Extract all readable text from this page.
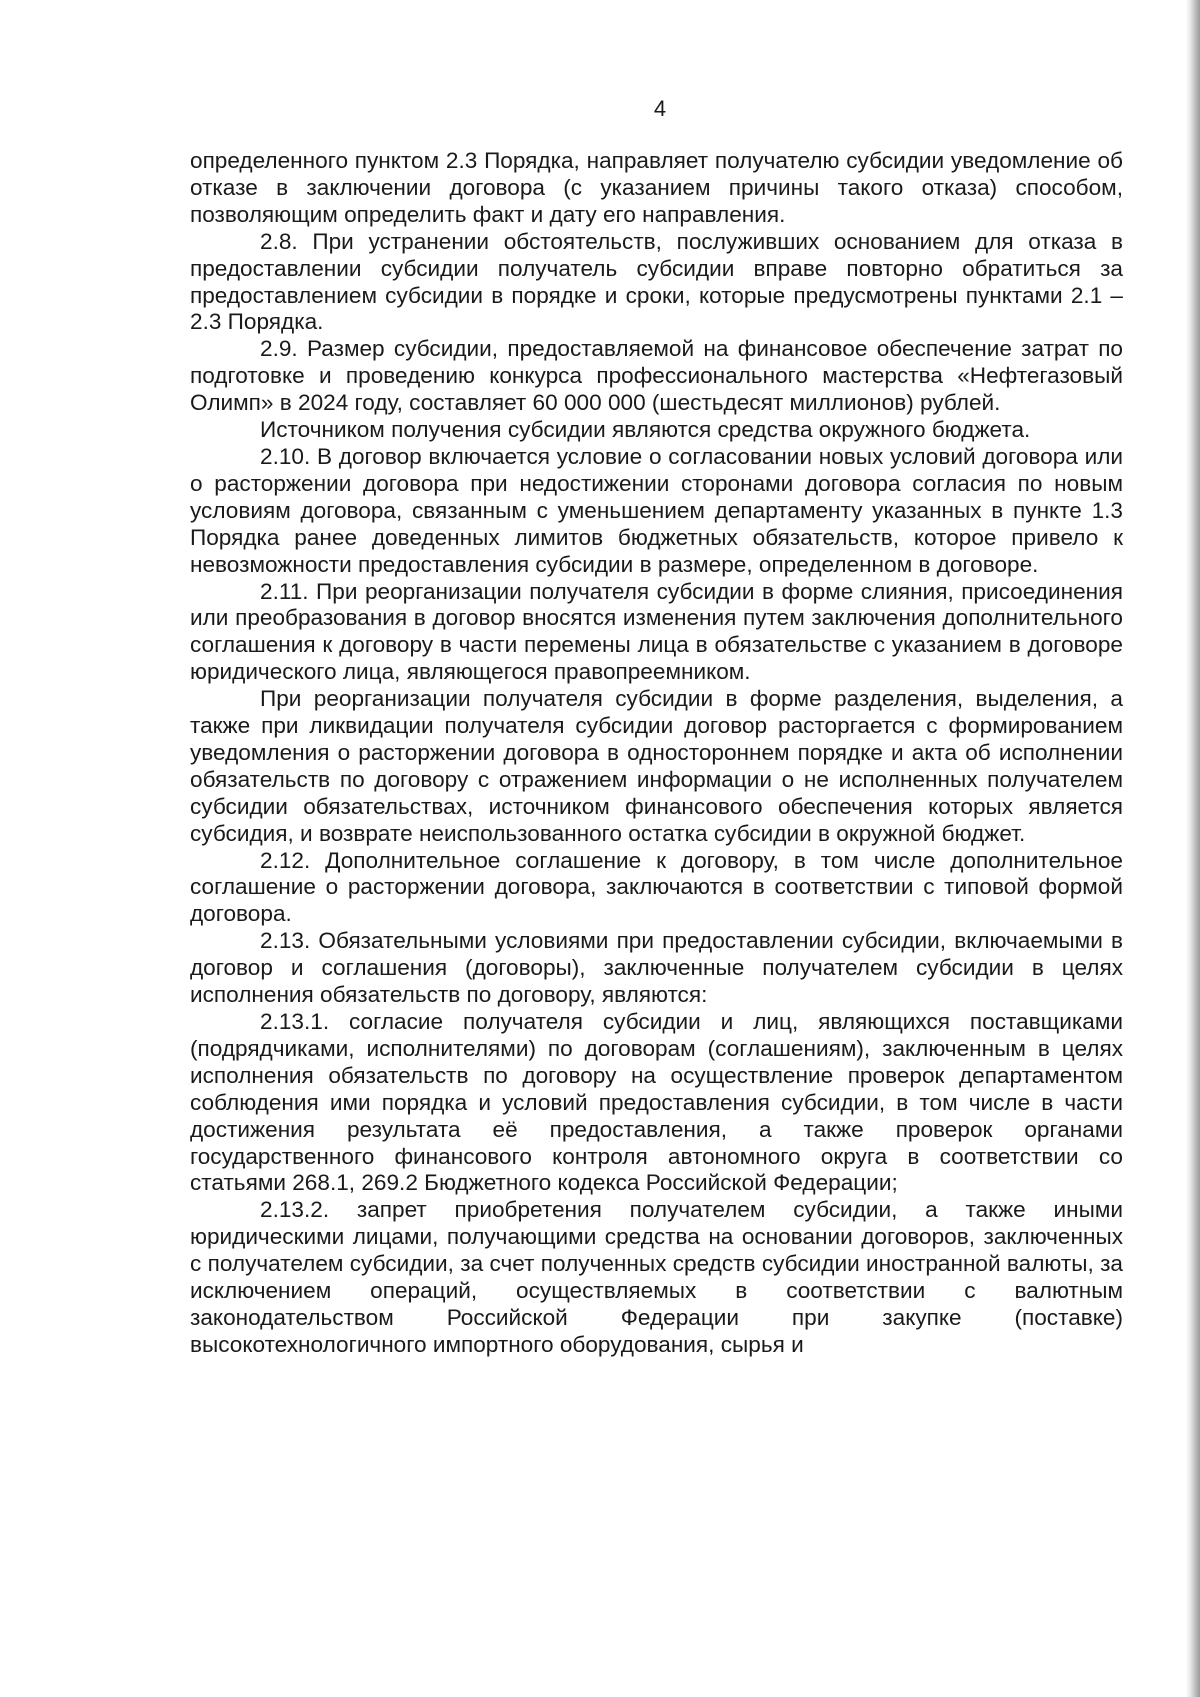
4

определенного пунктом 2.3 Порядка, направляет получателю субсидии уведомление об отказе в заключении договора (с указанием причины такого отказа) способом, позволяющим определить факт и дату его направления.

2.8. При устранении обстоятельств, послуживших основанием для отказа в предоставлении субсидии получатель субсидии вправе повторно обратиться за предоставлением субсидии в порядке и сроки, которые предусмотрены пунктами 2.1 – 2.3 Порядка.

2.9. Размер субсидии, предоставляемой на финансовое обеспечение затрат по подготовке и проведению конкурса профессионального мастерства «Нефтегазовый Олимп» в 2024 году, составляет 60 000 000 (шестьдесят миллионов) рублей.

Источником получения субсидии являются средства окружного бюджета.

2.10. В договор включается условие о согласовании новых условий договора или о расторжении договора при недостижении сторонами договора согласия по новым условиям договора, связанным с уменьшением департаменту указанных в пункте 1.3 Порядка ранее доведенных лимитов бюджетных обязательств, которое привело к невозможности предоставления субсидии в размере, определенном в договоре.

2.11. При реорганизации получателя субсидии в форме слияния, присоединения или преобразования в договор вносятся изменения путем заключения дополнительного соглашения к договору в части перемены лица в обязательстве с указанием в договоре юридического лица, являющегося правопреемником.

При реорганизации получателя субсидии в форме разделения, выделения, а также при ликвидации получателя субсидии договор расторгается с формированием уведомления о расторжении договора в одностороннем порядке и акта об исполнении обязательств по договору с отражением информации о не исполненных получателем субсидии обязательствах, источником финансового обеспечения которых является субсидия, и возврате неиспользованного остатка субсидии в окружной бюджет.

2.12. Дополнительное соглашение к договору, в том числе дополнительное соглашение о расторжении договора, заключаются в соответствии с типовой формой договора.

2.13. Обязательными условиями при предоставлении субсидии, включаемыми в договор и соглашения (договоры), заключенные получателем субсидии в целях исполнения обязательств по договору, являются:

2.13.1. согласие получателя субсидии и лиц, являющихся поставщиками (подрядчиками, исполнителями) по договорам (соглашениям), заключенным в целях исполнения обязательств по договору на осуществление проверок департаментом соблюдения ими порядка и условий предоставления субсидии, в том числе в части достижения результата её предоставления, а также проверок органами государственного финансового контроля автономного округа в соответствии со статьями 268.1, 269.2 Бюджетного кодекса Российской Федерации;

2.13.2. запрет приобретения получателем субсидии, а также иными юридическими лицами, получающими средства на основании договоров, заключенных с получателем субсидии, за счет полученных средств субсидии иностранной валюты, за исключением операций, осуществляемых в соответствии с валютным законодательством Российской Федерации при закупке (поставке) высокотехнологичного импортного оборудования, сырья и
